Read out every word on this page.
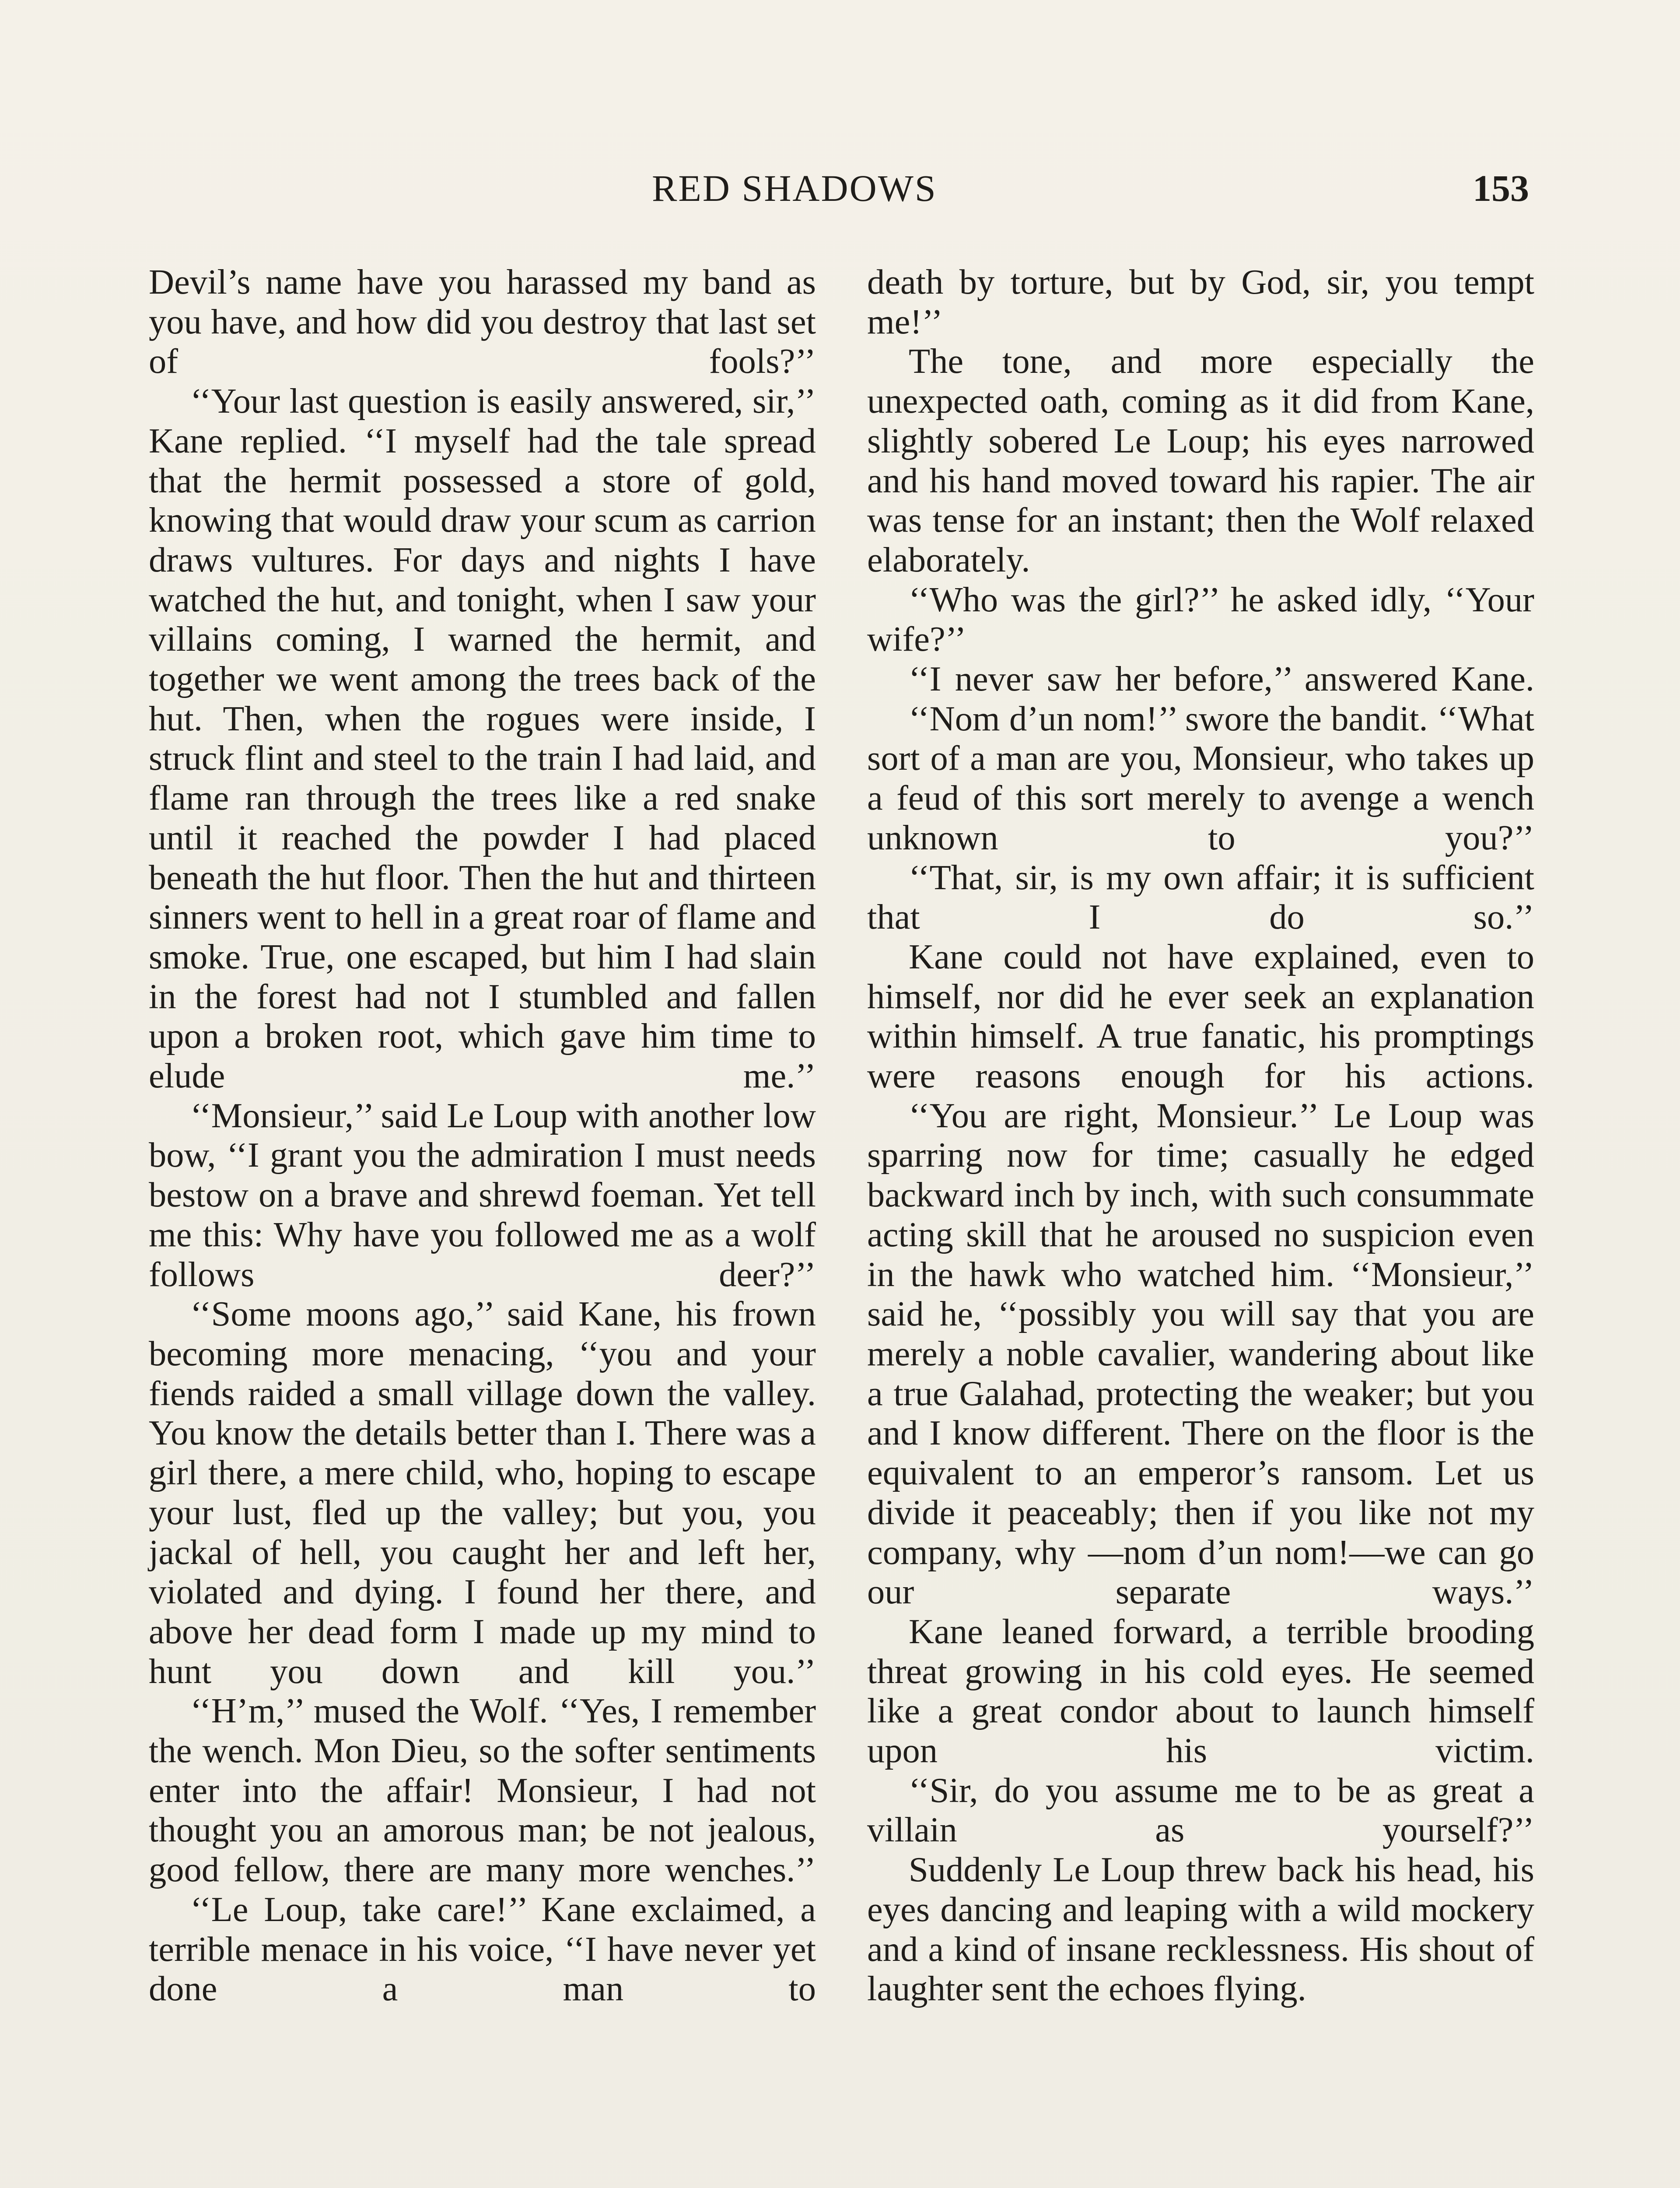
RED SHADOWS	153

Devil’s name have you harassed my band as you have, and how did you destroy that last set of fools?’’

‘‘Your last question is easily answered, sir,’’ Kane replied. ‘‘I myself had the tale spread that the hermit possessed a store of gold, knowing that would draw your scum as carrion draws vultures. For days and nights I have watched the hut, and tonight, when I saw your villains coming, I warned the hermit, and together we went among the trees back of the hut. Then, when the rogues were inside, I struck flint and steel to the train I had laid, and flame ran through the trees like a red snake until it reached the powder I had placed beneath the hut floor. Then the hut and thirteen sinners went to hell in a great roar of flame and smoke. True, one escaped, but him I had slain in the forest had not I stumbled and fallen upon a broken root, which gave him time to elude me.’’

‘‘Monsieur,’’ said Le Loup with another low bow, ‘‘I grant you the admiration I must needs bestow on a brave and shrewd foeman. Yet tell me this: Why have you followed me as a wolf follows deer?’’

‘‘Some moons ago,’’ said Kane, his frown becoming more menacing, ‘‘you and your fiends raided a small village down the valley. You know the details better than I. There was a girl there, a mere child, who, hoping to escape your lust, fled up the valley; but you, you jackal of hell, you caught her and left her, violated and dying. I found her there, and above her dead form I made up my mind to hunt you down and kill you.’’

‘‘H’m,’’ mused the Wolf. ‘‘Yes, I remember the wench. Mon Dieu, so the softer sentiments enter into the affair! Monsieur, I had not thought you an amorous man; be not jealous, good fellow, there are many more wenches.’’

‘‘Le Loup, take care!’’ Kane exclaimed, a terrible menace in his voice, ‘‘I have never yet done a man to

death by torture, but by God, sir, you tempt me!’’

The tone, and more especially the unexpected oath, coming as it did from Kane, slightly sobered Le Loup; his eyes narrowed and his hand moved toward his rapier. The air was tense for an instant; then the Wolf relaxed elaborately.

‘‘Who was the girl?’’ he asked idly, ‘‘Your wife?’’

‘‘I never saw her before,’’ answered Kane.

‘‘Nom d’un nom!’’ swore the bandit. ‘‘What sort of a man are you, Monsieur, who takes up a feud of this sort merely to avenge a wench unknown to you?’’

‘‘That, sir, is my own affair; it is sufficient that I do so.’’

Kane could not have explained, even to himself, nor did he ever seek an explanation within himself. A true fanatic, his promptings were reasons enough for his actions.

‘‘You are right, Monsieur.’’ Le Loup was sparring now for time; casually he edged backward inch by inch, with such consummate acting skill that he aroused no suspicion even in the hawk who watched him. ‘‘Monsieur,’’ said he, ‘‘possibly you will say that you are merely a noble cavalier, wandering about like a true Galahad, protecting the weaker; but you and I know different. There on the floor is the equivalent to an emperor’s ransom. Let us divide it peaceably; then if you like not my company, why —nom d’un nom!—we can go our separate ways.’’

Kane leaned forward, a terrible brooding threat growing in his cold eyes. He seemed like a great condor about to launch himself upon his victim.

‘‘Sir, do you assume me to be as great a villain as yourself?’’

Suddenly Le Loup threw back his head, his eyes dancing and leaping with a wild mockery and a kind of insane recklessness. His shout of laughter sent the echoes flying.
